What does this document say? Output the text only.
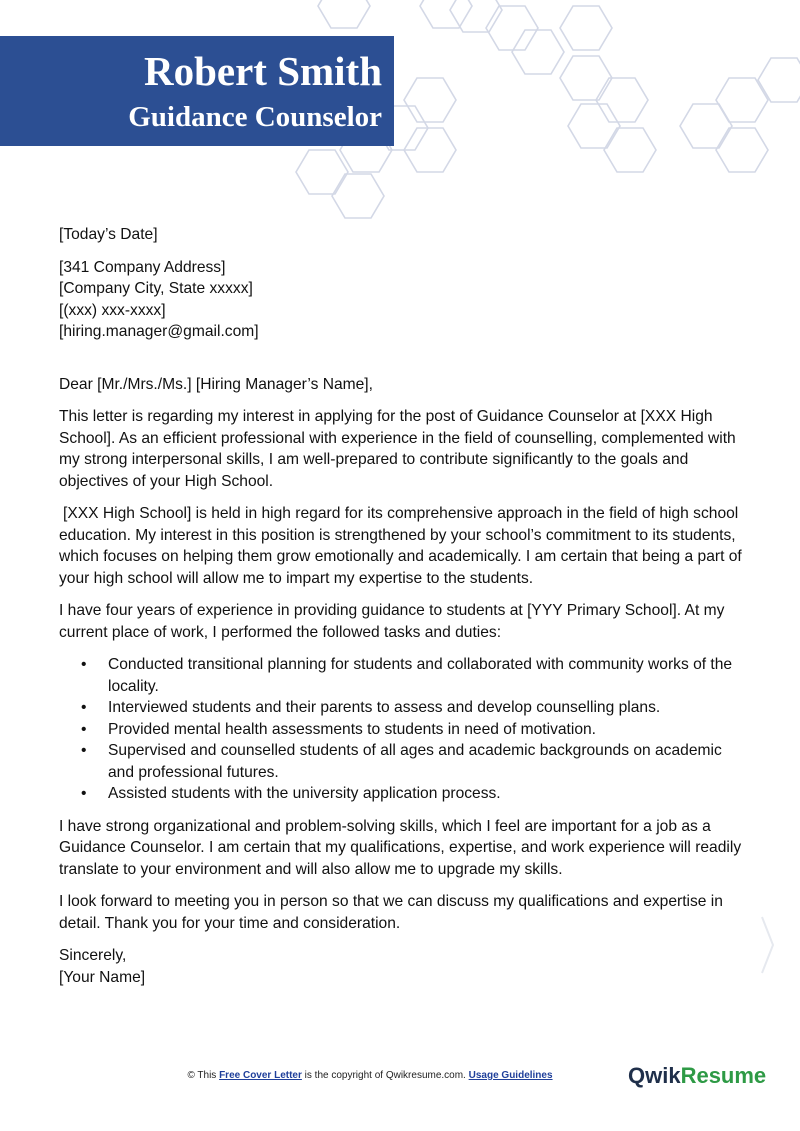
Robert Smith
Guidance Counselor

[Today’s Date]

[341 Company Address]

[Company City, State xxxxx]

[(xxx) xxx-xxxx]

[hiring.manager@gmail.com]

Dear [Mr./Mrs./Ms.] [Hiring Manager’s Name],

This letter is regarding my interest in applying for the post of Guidance Counselor at [XXX High School]. As an efficient professional with experience in the field of counselling, complemented with my strong interpersonal skills, I am well-prepared to contribute significantly to the goals and objectives of your High School.

[XXX High School] is held in high regard for its comprehensive approach in the field of high school education. My interest in this position is strengthened by your school’s commitment to its students, which focuses on helping them grow emotionally and academically. I am certain that being a part of your high school will allow me to impart my expertise to the students.

I have four years of experience in providing guidance to students at [YYY Primary School]. At my current place of work, I performed the followed tasks and duties:

• Conducted transitional planning for students and collaborated with community works of the locality.
• Interviewed students and their parents to assess and develop counselling plans.
• Provided mental health assessments to students in need of motivation.
• Supervised and counselled students of all ages and academic backgrounds on academic and professional futures.
• Assisted students with the university application process.

I have strong organizational and problem-solving skills, which I feel are important for a job as a Guidance Counselor. I am certain that my qualifications, expertise, and work experience will readily translate to your environment and will also allow me to upgrade my skills.

I look forward to meeting you in person so that we can discuss my qualifications and expertise in detail. Thank you for your time and consideration.

Sincerely,

[Your Name]

© This Free Cover Letter is the copyright of Qwikresume.com. Usage Guidelines	QwikResume
